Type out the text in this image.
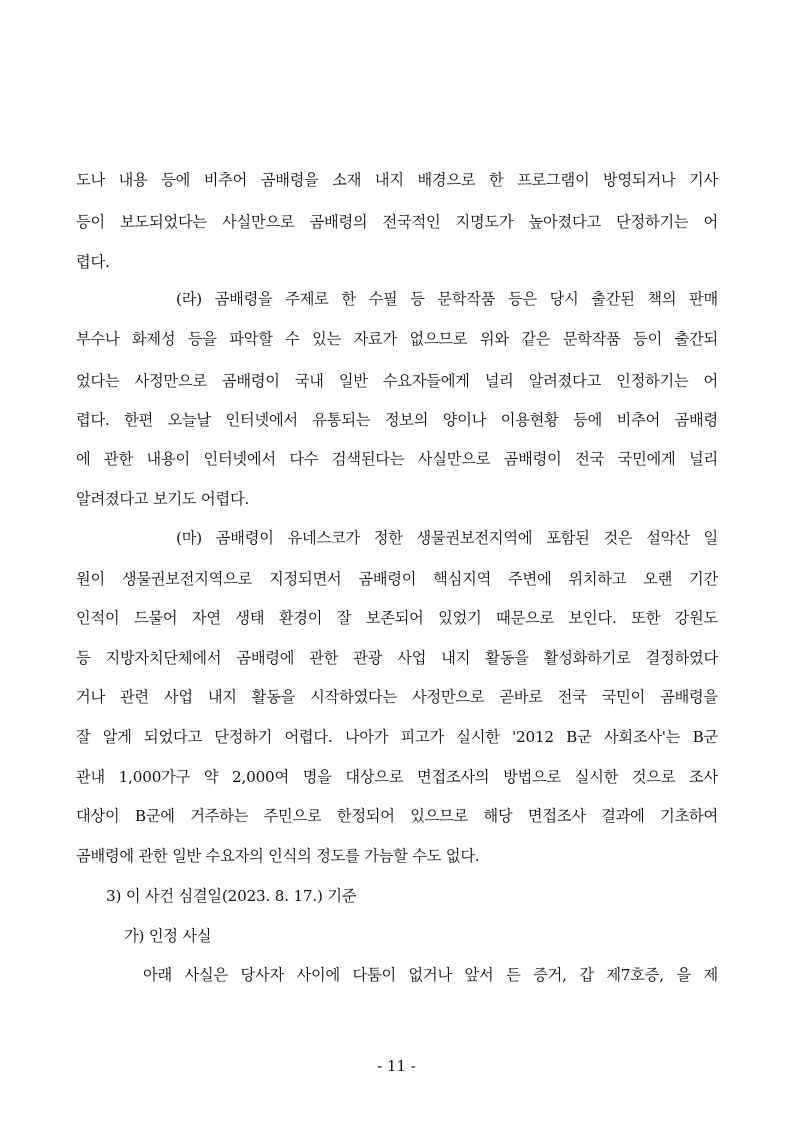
도나 내용 등에 비추어 곰배령을 소재 내지 배경으로 한 프로그램이 방영되거나 기사
등이 보도되었다는 사실만으로 곰배령의 전국적인 지명도가 높아졌다고 단정하기는 어
렵다.
(라) 곰배령을 주제로 한 수필 등 문학작품 등은 당시 출간된 책의 판매
부수나 화제성 등을 파악할 수 있는 자료가 없으므로 위와 같은 문학작품 등이 출간되
었다는 사정만으로 곰배령이 국내 일반 수요자들에게 널리 알려졌다고 인정하기는 어
렵다. 한편 오늘날 인터넷에서 유통되는 정보의 양이나 이용현황 등에 비추어 곰배령
에 관한 내용이 인터넷에서 다수 검색된다는 사실만으로 곰배령이 전국 국민에게 널리
알려졌다고 보기도 어렵다.
(마) 곰배령이 유네스코가 정한 생물권보전지역에 포함된 것은 설악산 일
원이 생물권보전지역으로 지정되면서 곰배령이 핵심지역 주변에 위치하고 오랜 기간
인적이 드물어 자연 생태 환경이 잘 보존되어 있었기 때문으로 보인다. 또한 강원도
등 지방자치단체에서 곰배령에 관한 관광 사업 내지 활동을 활성화하기로 결정하였다
거나 관련 사업 내지 활동을 시작하였다는 사정만으로 곧바로 전국 국민이 곰배령을
잘 알게 되었다고 단정하기 어렵다. 나아가 피고가 실시한 '2012 B군 사회조사'는 B군
관내 1,000가구 약 2,000여 명을 대상으로 면접조사의 방법으로 실시한 것으로 조사
대상이 B군에 거주하는 주민으로 한정되어 있으므로 해당 면접조사 결과에 기초하여
곰배령에 관한 일반 수요자의 인식의 정도를 가늠할 수도 없다.
3) 이 사건 심결일(2023. 8. 17.) 기준
가) 인정 사실
아래 사실은 당사자 사이에 다툼이 없거나 앞서 든 증거, 갑 제7호증, 을 제
- 11 -
